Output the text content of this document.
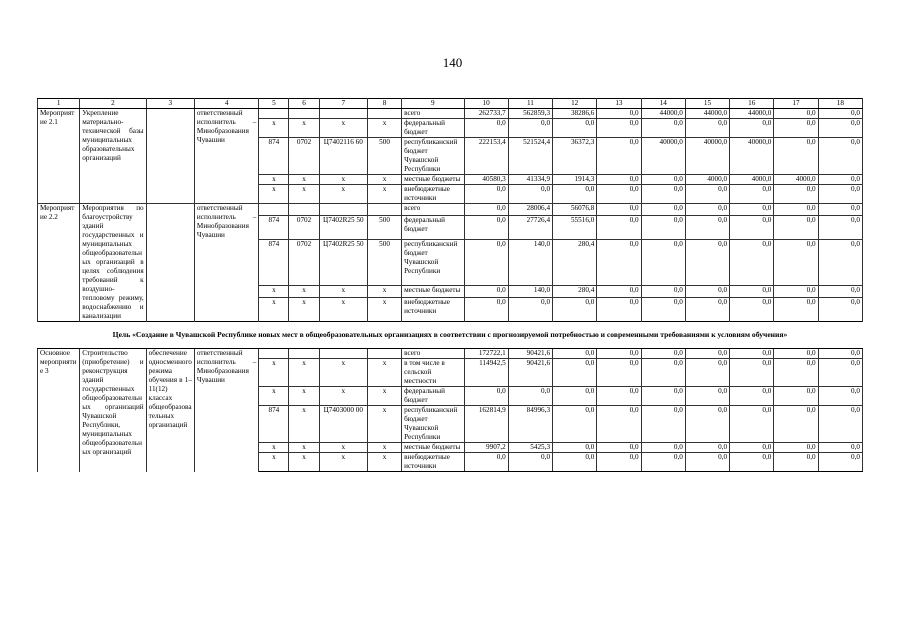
140
1	2	3	4	5	6	7	8	9	10	11	12	13	14	15	16	17	18
Мероприятие 2.1	Укрепление материально-технической базы муниципальных образовательных организаций		ответственный исполнитель – Минобразования Чувашии					всего	262733,7	562859,3	38286,6	0,0	44000,0	44000,0	44000,0	0,0	0,0
				x	x	x	x	федеральный бюджет	0,0	0,0	0,0	0,0	0,0	0,0	0,0	0,0	0,0
				874	0702	Ц7402116 60	500	республиканский бюджет Чувашской Республики	222153,4	521524,4	36372,3	0,0	40000,0	40000,0	40000,0	0,0	0,0
				x	x	x	x	местные бюджеты	40580,3	41334,9	1914,3	0,0	0,0	4000,0	4000,0	4000,0	0,0
				x	x	x	x	внебюджетные источники	0,0	0,0	0,0	0,0	0,0	0,0	0,0	0,0	0,0
Мероприятие 2.2	Мероприятия по благоустройству зданий государственных и муниципальных общеобразовательных организаций в целях соблюдения требований к воздушно-тепловому режиму, водоснабжению и канализации		ответственный исполнитель – Минобразования Чувашии					всего	0,0	28006,4	56076,8	0,0	0,0	0,0	0,0	0,0	0,0
				874	0702	Ц7402R25 50	500	федеральный бюджет	0,0	27726,4	55516,0	0,0	0,0	0,0	0,0	0,0	0,0
				874	0702	Ц7402R25 50	500	республиканский бюджет Чувашской Республики	0,0	140,0	280,4	0,0	0,0	0,0	0,0	0,0	0,0
				x	x	x	x	местные бюджеты	0,0	140,0	280,4	0,0	0,0	0,0	0,0	0,0	0,0
				x	x	x	x	внебюджетные источники	0,0	0,0	0,0	0,0	0,0	0,0	0,0	0,0	0,0
Цель «Создание в Чувашской Республике новых мест в общеобразовательных организациях в соответствии с прогнозируемой потребностью и современными требованиями к условиям обучения»																	
Основное мероприятие 3	Строительство (приобретение) и реконструкция зданий государственных общеобразовательных организаций Чувашской Республики, муниципальных общеобразовательных организаций	обеспечение односменного режима обучения в 1–11(12) классах общеобразовательных организаций	ответственный исполнитель – Минобразования Чувашии					всего	172722,1	90421,6	0,0	0,0	0,0	0,0	0,0	0,0	0,0
				x	x	x	x	в том числе в сельской местности	114942,5	90421,6	0,0	0,0	0,0	0,0	0,0	0,0	0,0
				x	x	x	x	федеральный бюджет	0,0	0,0	0,0	0,0	0,0	0,0	0,0	0,0	0,0
				874	x	Ц7403000 00	x	республиканский бюджет Чувашской Республики	162814,9	84996,3	0,0	0,0	0,0	0,0	0,0	0,0	0,0
				x	x	x	x	местные бюджеты	9907,2	5425,3	0,0	0,0	0,0	0,0	0,0	0,0	0,0
				x	x	x	x	внебюджетные источники	0,0	0,0	0,0	0,0	0,0	0,0	0,0	0,0	0,0
